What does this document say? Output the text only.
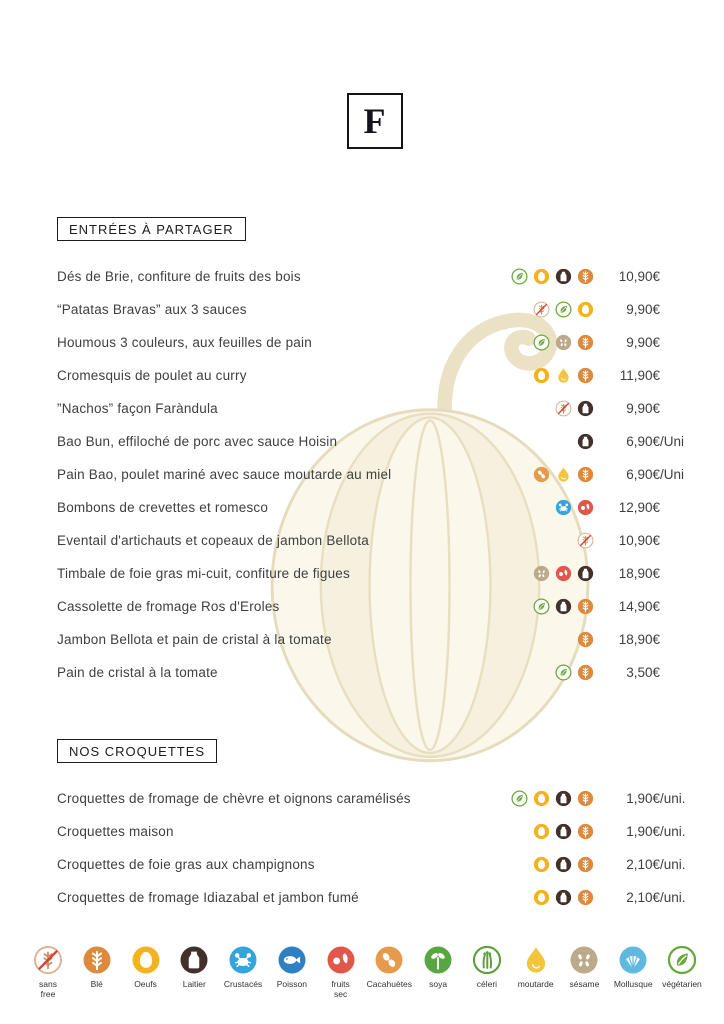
F
ENTRÉES À PARTAGER
Dés de Brie, confiture de fruits des bois	10,90€
“Patatas Bravas” aux 3 sauces	9,90€
Houmous 3 couleurs, aux feuilles de pain	9,90€
Cromesquis de poulet au curry	11,90€
”Nachos” façon Faràndula	9,90€
Bao Bun, effiloché de porc avec sauce Hoisin	6,90€ /Uni
Pain Bao, poulet mariné avec sauce moutarde au miel	6,90€ /Uni
Bombons de crevettes et romesco	12,90€
Eventail d'artichauts et copeaux de jambon Bellota	10,90€
Timbale de foie gras mi-cuit, confiture de figues	18,90€
Cassolette de fromage Ros d'Eroles	14,90€
Jambon Bellota et pain de cristal à la tomate	18,90€
Pain de cristal à la tomate	3,50€
NOS CROQUETTES
Croquettes de fromage de chèvre et oignons caramélisés	1,90€ /uni.
Croquettes maison	1,90€ /uni.
Croquettes de foie gras aux champignons	2,10€ /uni.
Croquettes de fromage Idiazabal et jambon fumé	2,10€ /uni.
sans
free
Blé	Oeufs	Laitier Crustacés Poisson	fruits
sec
Cacahuètes soya	céleri moutarde sésame Mollusque végétarien
